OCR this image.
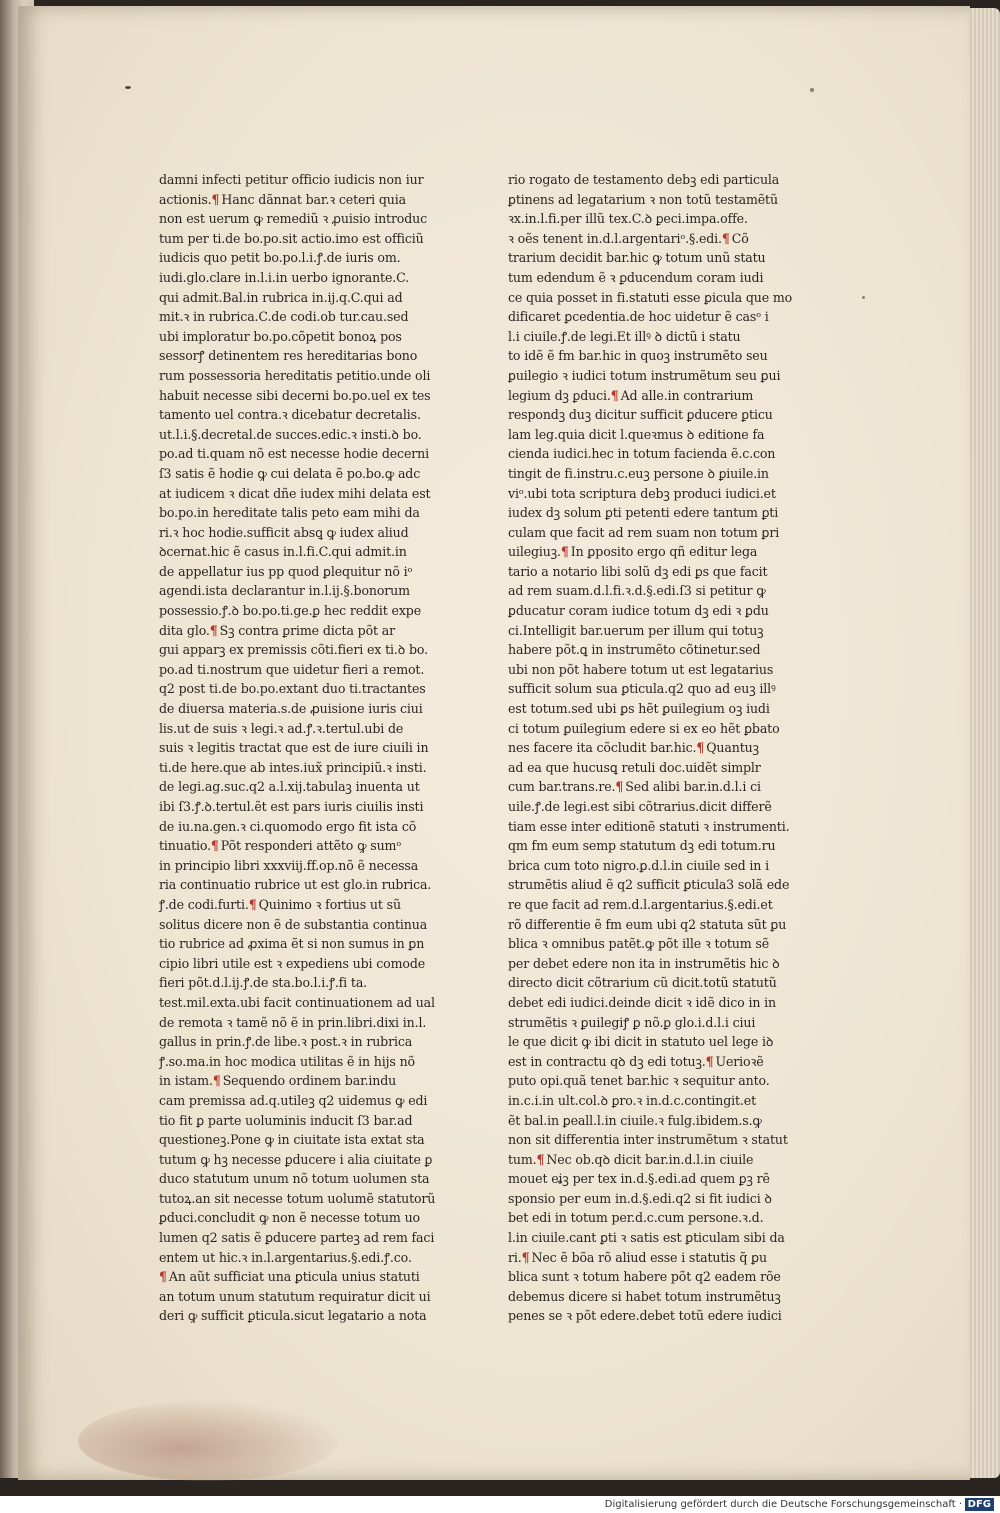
damni infecti petitur officio iudicis non iur
actionis.¶ Hanc dãnnat bar.ꝛ ceteri quia
non est uerum ꝙ remediũ ꝛ ꝓuisio introduc
tum per ti.de bo.po.sit actio.imo est officiũ
iudicis quo petit bo.po.l.i.ꝭ.de iuris om.
iudi.glo.clare in.l.i.in uerbo ignorante.C.
qui admit.Bal.in rubrica in.ij.q.C.qui ad
mit.ꝛ in rubrica.C.de codi.ob tur.cau.sed
ubi imploratur bo.po.cõpetit bonoꝝ pos
sessorꝭ detinentem res hereditarias bono
rum possessoria hereditatis petitio.unde oli
habuit necesse sibi decerni bo.po.uel ex tes
tamento uel contra.ꝛ dicebatur decretalis.
ut.l.i.§.decretal.de succes.edic.ꝛ insti.ꝺ bo.
po.ad ti.quam nõ est necesse hodie decerni
ſ3 satis ẽ hodie ꝙ cui delata ẽ po.bo.ꝙ adc
at iudicem ꝛ dicat dñe iudex mihi delata est
bo.po.in hereditate talis peto eam mihi da
ri.ꝛ hoc hodie.sufficit absꝗ ꝙ iudex aliud
ꝺcernat.hic ẽ casus in.l.fi.C.qui admit.in
de appellatur ius pp quod ꝑlequitur nõ iᵒ
agendi.ista declarantur in.l.ij.§.bonorum
possessio.ꝭ.ꝺ bo.po.ti.ge.ꝑ hec reddit expe
dita glo.¶ Sꝫ contra ꝑrime dicta põt ar
gui apparꝫ ex premissis cõti.fieri ex ti.ꝺ bo.
po.ad ti.nostrum que uidetur fieri a remot.
q2 post ti.de bo.po.extant duo ti.tractantes
de diuersa materia.s.de ꝓuisione iuris ciui
lis.ut de suis ꝛ legi.ꝛ ad.ꝭ.ꝛ.tertul.ubi de
suis ꝛ legitis tractat que est de iure ciuili in
ti.de here.que ab intes.iux̃ principiũ.ꝛ insti.
de legi.ag.suc.q2 a.l.xij.tabulaꝫ inuenta ut
ibi ſ3.ꝭ.ꝺ.tertul.ẽt est pars iuris ciuilis insti
de iu.na.gen.ꝛ ci.quomodo ergo fit ista cõ
tinuatio.¶ Põt responderi attẽto ꝙ sumᵒ
in principio libri xxxviij.ff.op.nõ ẽ necessa
ria continuatio rubrice ut est glo.in rubrica.
ꝭ.de codi.furti.¶ Quinimo ꝛ fortius ut sũ
solitus dicere non ẽ de substantia continua
tio rubrice ad ꝓxima ẽt si non sumus in ꝑn
cipio libri utile est ꝛ expediens ubi comode
fieri põt.d.l.ij.ꝭ.de sta.bo.l.i.ꝭ.fi ta.
test.mil.exta.ubi facit continuationem ad ual
de remota ꝛ tamẽ nõ ẽ in prin.libri.dixi in.l.
gallus in prin.ꝭ.de libe.ꝛ post.ꝛ in rubrica
ꝭ.so.ma.in hoc modica utilitas ẽ in hijs nõ
in istam.¶ Sequendo ordinem bar.indu
cam premissa ad.q.utileꝫ q2 uidemus ꝙ edi
tio fit ꝑ parte uoluminis inducit ſ3 bar.ad
questioneꝫ.Pone ꝙ in ciuitate ista extat sta
tutum ꝙ hꝫ necesse ꝑducere i alia ciuitate ꝑ
duco statutum unum nõ totum uolumen sta
tutoꝝ.an sit necesse totum uolumẽ statutorũ
ꝑduci.concludit ꝙ non ẽ necesse totum uo
lumen q2 satis ẽ ꝑducere parteꝫ ad rem faci
entem ut hic.ꝛ in.l.argentarius.§.edi.ꝭ.co.
¶ An aũt sufficiat una ꝑticula unius statuti
an totum unum statutum requiratur dicit ui
deri ꝙ sufficit ꝑticula.sicut legatario a nota
rio rogato de testamento debꝫ edi particula
ꝑtinens ad legatarium ꝛ non totũ testamẽtũ
ꝛx.in.l.fi.per illũ tex.C.ꝺ ꝑeci.impa.offe.
ꝛ oẽs tenent in.d.l.argentariᵒ.§.edi.¶ Cõ
trarium decidit bar.hic ꝙ totum unũ statu
tum edendum ẽ ꝛ ꝑducendum coram iudi
ce quia posset in fi.statuti esse ꝑicula que mo
dificaret ꝑcedentia.de hoc uidetur ẽ casᵒ i
l.i ciuile.ꝭ.de legi.Et illꝰ ꝺ dictũ i statu
to idẽ ẽ fm bar.hic in quoꝫ instrumẽto seu
ꝑuilegio ꝛ iudici totum instrumẽtum seu ꝑui
legium dꝫ ꝑduci.¶ Ad alle.in contrarium
respondꝫ duꝫ dicitur sufficit ꝑducere ꝑticu
lam leg.quia dicit l.queꝛmus ꝺ editione fa
cienda iudici.hec in totum facienda ẽ.c.con
tingit de fi.instru.c.euꝫ persone ꝺ ꝑiuile.in
viᵒ.ubi tota scriptura debꝫ produci iudici.et
iudex dꝫ solum ꝑti petenti edere tantum ꝑti
culam que facit ad rem suam non totum ꝑri
uilegiuꝫ.¶ In ꝑposito ergo qñ editur lega
tario a notario libi solũ dꝫ edi ꝑs que facit
ad rem suam.d.l.fi.ꝛ.d.§.edi.ſ3 si petitur ꝙ
ꝑducatur coram iudice totum dꝫ edi ꝛ ꝑdu
ci.Intelligit bar.uerum per illum qui totuꝫ
habere põt.ꝗ in instrumẽto cõtinetur.sed
ubi non põt habere totum ut est legatarius
sufficit solum sua ꝑticula.q2 quo ad euꝫ illꝰ
est totum.sed ubi ꝑs hẽt ꝑuilegium oꝫ iudi
ci totum ꝑuilegium edere si ex eo hẽt ꝑbato
nes facere ita cõcludit bar.hic.¶ Quantuꝫ
ad ea que hucusꝗ retuli doc.uidẽt simplr
cum bar.trans.re.¶ Sed alibi bar.in.d.l.i ci
uile.ꝭ.de legi.est sibi cõtrarius.dicit differẽ
tiam esse inter editionẽ statuti ꝛ instrumenti.
qm fm eum semp statutum dꝫ edi totum.ru
brica cum toto nigro.ꝑ.d.l.in ciuile sed in i
strumẽtis aliud ẽ q2 sufficit ꝑticula3 solã ede
re que facit ad rem.d.l.argentarius.§.edi.et
rõ differentie ẽ fm eum ubi q2 statuta sũt ꝑu
blica ꝛ omnibus patẽt.ꝙ põt ille ꝛ totum sẽ
per debet edere non ita in instrumẽtis hic ꝺ
directo dicit cõtrarium cũ dicit.totũ statutũ
debet edi iudici.deinde dicit ꝛ idẽ dico in in
strumẽtis ꝛ ꝑuilegiꝭ ꝑ nõ.ꝑ glo.i.d.l.i ciui
le que dicit ꝙ ibi dicit in statuto uel lege iꝺ
est in contractu qꝺ dꝫ edi totuꝫ.¶ Uerioꝛẽ
puto opi.quã tenet bar.hic ꝛ sequitur anto.
in.c.i.in ult.col.ꝺ ꝑro.ꝛ in.d.c.contingit.et
ẽt bal.in ꝑeall.l.in ciuile.ꝛ fulg.ibidem.s.ꝙ
non sit differentia inter instrumẽtum ꝛ statut
tum.¶ Nec ob.qꝺ dicit bar.in.d.l.in ciuile
mouet eiꝫ per tex in.d.§.edi.ad quem ꝑꝫ rẽ
sponsio per eum in.d.§.edi.q2 si fit iudici ꝺ
bet edi in totum per.d.c.cum persone.ꝛ.d.
l.in ciuile.cant ꝑti ꝛ satis est ꝑticulam sibi da
ri.¶ Nec ẽ bõa rõ aliud esse i statutis q̃ ꝑu
blica sunt ꝛ totum habere põt q2 eadem rõe
debemus dicere si habet totum instrumẽtuꝫ
penes se ꝛ põt edere.debet totũ edere iudici
Digitalisierung gefördert durch die Deutsche Forschungsgemeinschaft · DFG
